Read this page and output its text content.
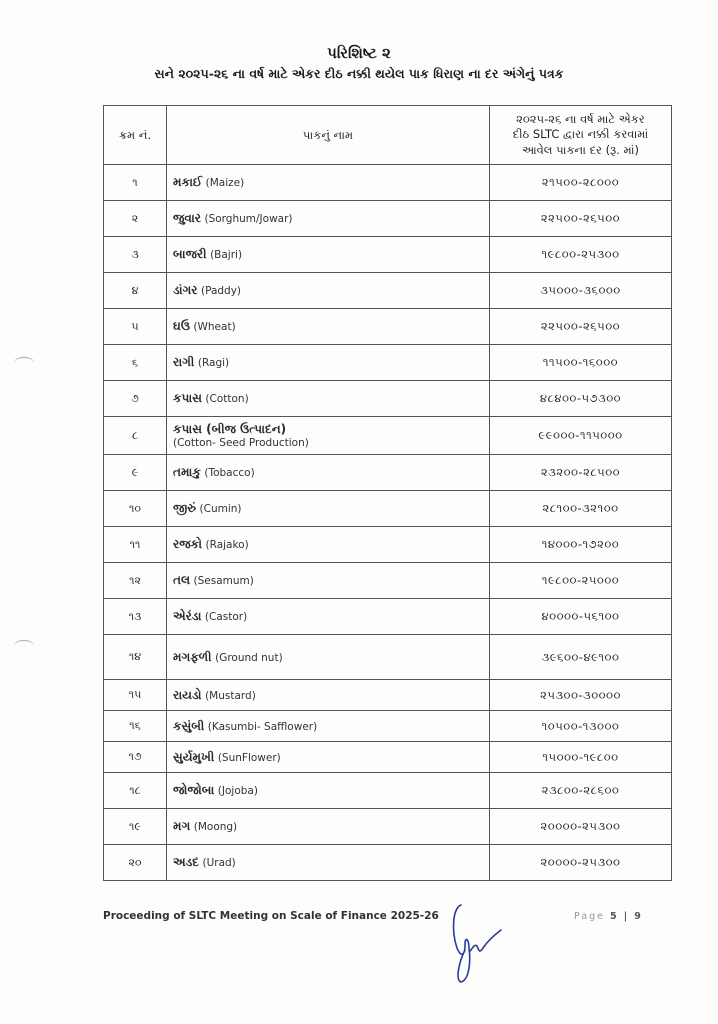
પરિશિષ્ટ ૨
સને ૨૦૨૫-૨૬ ના વર્ષ માટે એકર દીઠ નક્કી થયેલ પાક ધિરાણ ના દર અંગેનું પત્રક
ક્રમ નં.	પાકનું નામ	૨૦૨૫-૨૬ ના વર્ષ માટે એકર
દીઠ SLTC દ્વારા નક્કી કરવામાં
આવેલ પાકના દર (રૂ. માં)

૧	મકાઈ (Maize)	૨૧૫૦૦-૨૮૦૦૦
૨	જુવાર (Sorghum/Jowar)	૨૨૫૦૦-૨૬૫૦૦
૩	બાજરી (Bajri)	૧૯૮૦૦-૨૫૩૦૦
૪	ડાંગર (Paddy)	૩૫૦૦૦-૩૬૦૦૦
૫	ઘઉ (Wheat)	૨૨૫૦૦-૨૬૫૦૦
૬	રાગી (Ragi)	૧૧૫૦૦-૧૬૦૦૦
૭	કપાસ (Cotton)	૪૮૪૦૦-૫૭૩૦૦
૮	કપાસ (બીજ ઉત્પાદન)
(Cotton- Seed Production)	૯૯૦૦૦-૧૧૫૦૦૦
૯	તમાકુ (Tobacco)	૨૩૨૦૦-૨૮૫૦૦
૧૦	જીરું (Cumin)	૨૮૧૦૦-૩૨૧૦૦
૧૧	રજકો (Rajako)	૧૪૦૦૦-૧૭૨૦૦
૧૨	તલ (Sesamum)	૧૯૮૦૦-૨૫૦૦૦
૧૩	એરંડા (Castor)	૪૦૦૦૦-૫૬૧૦૦
૧૪	મગફળી (Ground nut)	૩૯૬૦૦-૪૯૧૦૦
૧૫	રાયડો (Mustard)	૨૫૩૦૦-૩૦૦૦૦
૧૬	કસુંબી (Kasumbi- Safflower)	૧૦૫૦૦-૧૩૦૦૦
૧૭	સુર્યમુખી (SunFlower)	૧૫૦૦૦-૧૯૮૦૦
૧૮	જોજોબા (Jojoba)	૨૩૮૦૦-૨૮૬૦૦
૧૯	મગ (Moong)	૨૦૦૦૦-૨૫૩૦૦
૨૦	અડદ (Urad)	૨૦૦૦૦-૨૫૩૦૦
Proceeding of SLTC Meeting on Scale of Finance 2025-26	Page 5 | 9
